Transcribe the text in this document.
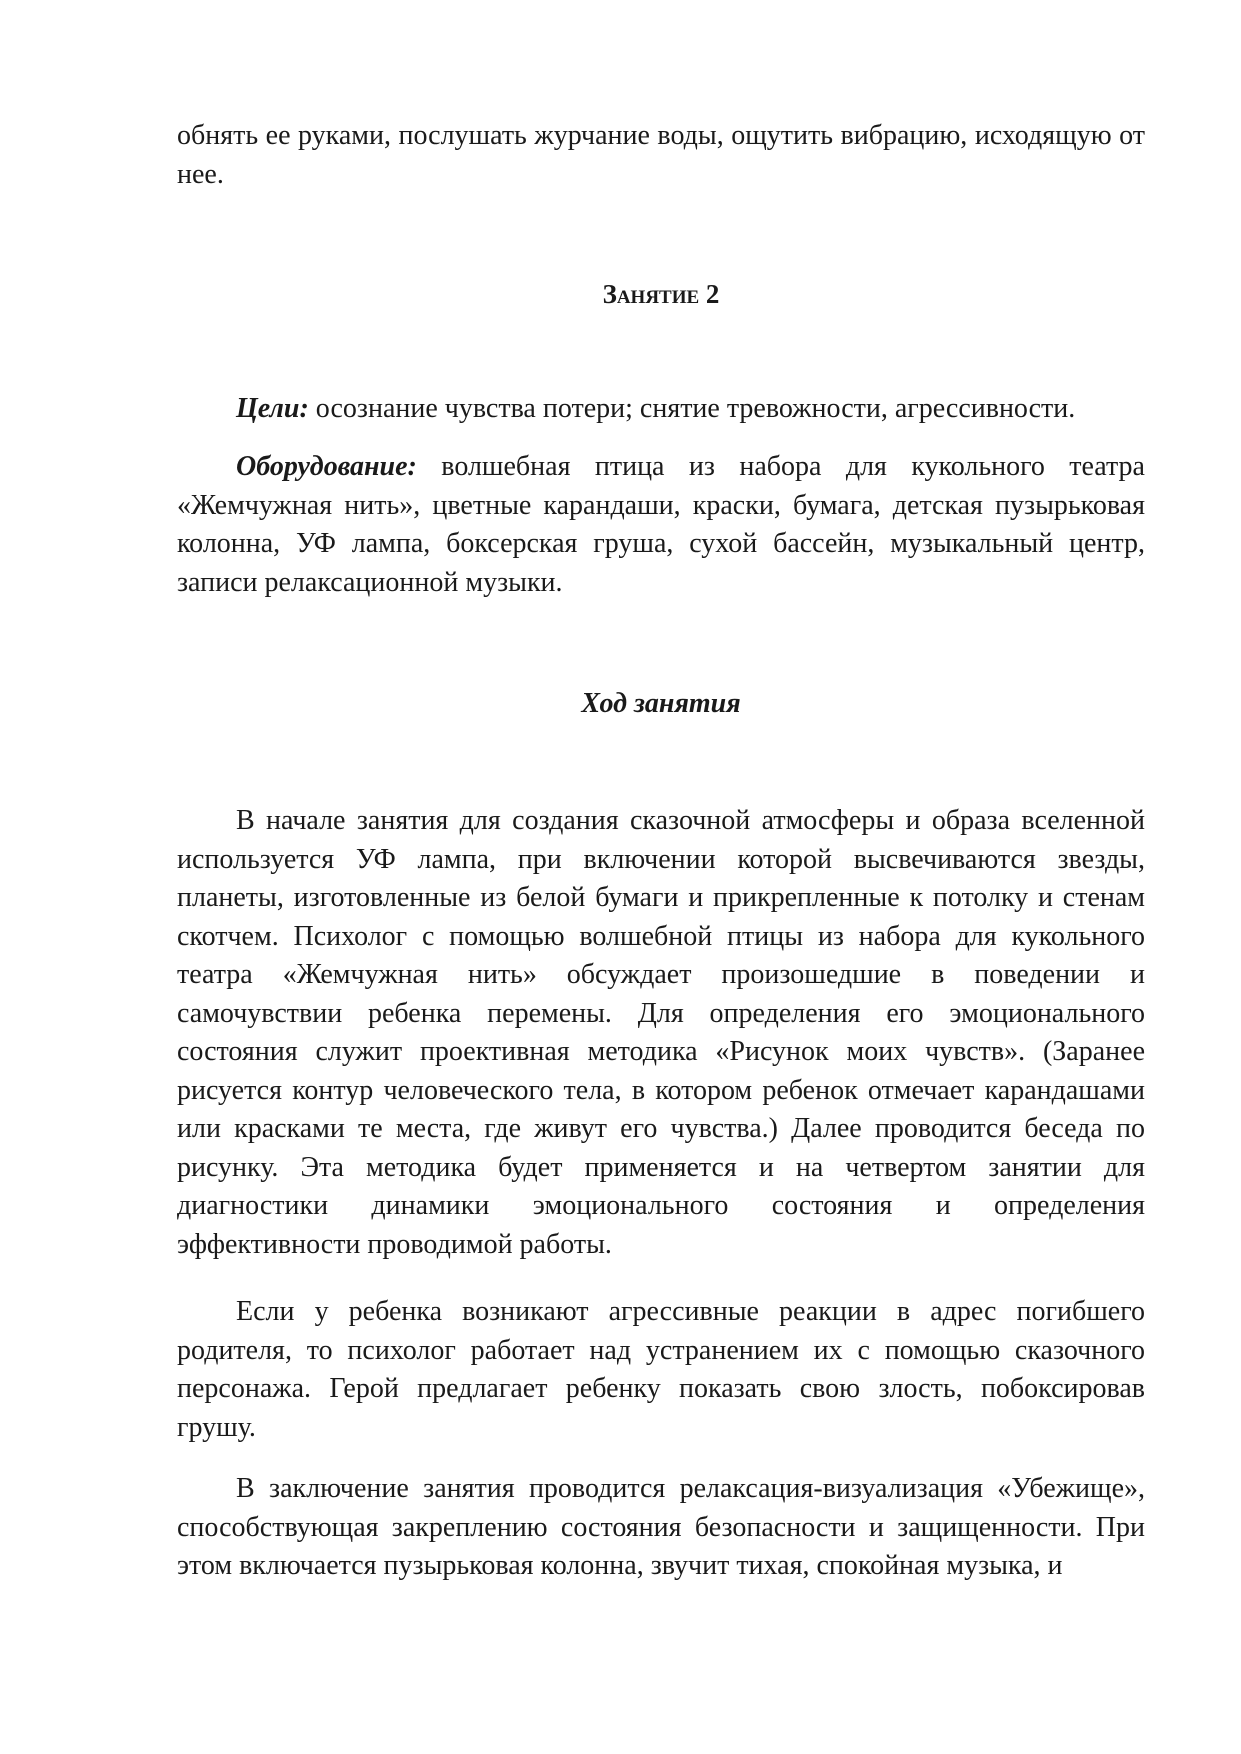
обнять ее руками, послушать журчание воды, ощутить вибрацию, исходящую от нее.

Занятие 2

Цели: осознание чувства потери; снятие тревожности, агрессивности.

Оборудование: волшебная птица из набора для кукольного театра «Жемчужная нить», цветные карандаши, краски, бумага, детская пузырьковая колонна, УФ лампа, боксерская груша, сухой бассейн, музыкальный центр, записи релаксационной музыки.

Ход занятия

В начале занятия для создания сказочной атмосферы и образа вселенной используется УФ лампа, при включении которой высвечиваются звезды, планеты, изготовленные из белой бумаги и прикрепленные к потолку и стенам скотчем. Психолог с помощью волшебной птицы из набора для кукольного театра «Жемчужная нить» обсуждает произошедшие в поведении и самочувствии ребенка перемены. Для определения его эмоционального состояния служит проективная методика «Рисунок моих чувств». (Заранее рисуется контур человеческого тела, в котором ребенок отмечает карандашами или красками те места, где живут его чувства.) Далее проводится беседа по рисунку. Эта методика будет применяется и на четвертом занятии для диагностики динамики эмоционального состояния и определения эффективности проводимой работы.

Если у ребенка возникают агрессивные реакции в адрес погибшего родителя, то психолог работает над устранением их с помощью сказочного персонажа. Герой предлагает ребенку показать свою злость, побоксировав грушу.

В заключение занятия проводится релаксация-визуализация «Убежище», способствующая закреплению состояния безопасности и защищенности. При этом включается пузырьковая колонна, звучит тихая, спокойная музыка, и
